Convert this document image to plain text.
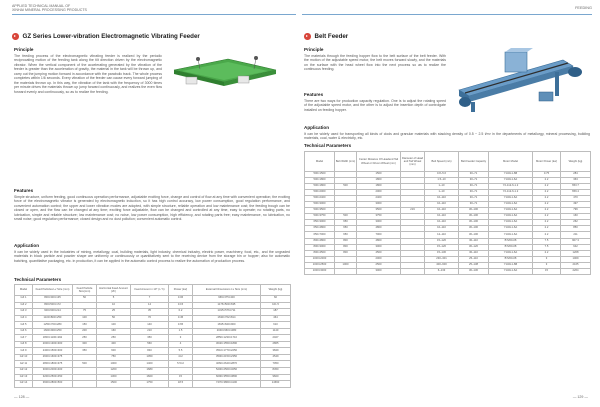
APPLIED TECHNICAL MANUAL OF
XINHAI MINERAL PROCESSING PRODUCTS
GZ Series Lower-vibration Electromagnetic Vibrating Feeder
Principle
The feeding process of the electromagnetic vibrating feeder is realized by the periodic reciprocating motion of the feeding tank along the tilt direction driven by the electromagnetic vibrator. When the vertical component of the accelerating generated by the vibration of the feeder is greater than the acceleration of gravity, the material in the tank will be thrown up, and carry out the jumping motion forward in accordance with the parabolic track. The whole process completes within 1/6 seconds. Every vibration of the feeder can cause every forward jumping of the materials thrown up. In this way, the vibration of the tank with the frequency of 3000 times per minute drives the materials thrown up jump forward continuously, and realizes the even flow forward evenly and continuously, so as to realize the feeding.
Features
Simple structure, uniform feeding, good continuous operation performance, adjustable exciting force, change and control of flow at any time with convenient operation; the exciting force of the electromagnetic vibrator is generated by electromagnetic induction, so it has high control accuracy, low power consumption, good regulation performance, and convenient automation control; the upper and lower vibration modes are adopted, with simple structure, reliable operation and low maintenance cost; the feeding trough can be closed or open, and the flow can be changed at any time; exciting force adjustable, flow can be changed and controlled at any time, easy to operate; no rotating parts, no lubrication, simple and reliable structure; low maintenance cost; no noise, low power consumption, high efficiency, and rotating parts free; easy maintenance, no lubrication, no small noise; good regulation performance; closed design and no dust pollution; convenient automatic control.
Application
It can be widely used in the industries of mining, metallurgy, coal, building materials, light industry, chemical industry, electric power, machinery, food, etc., and the ungraded materials in block particle and powder shape are uniformly or continuously or quantitatively sent to the receiving device from the storage bin or hopper; also for automatic batching, quantitative packaging, etc. in production, it can be applied in the automatic control process to realize the automation of production process.
Technical Parameters
Model	Feed Particles Lv Size (mm)	Feed Particle Size(mm)	Horizontal Feed Amount (t/h)	Feed Amount ≤ 10° (t / h)	Power (kw)	External Dimensions Lv Size (mm)	Weight (kg)
GZ 1	800×300×135	50	5	7	0.06	966×375×400	60
GZ 2	800×500×172		10	14	0.15	1176×500×635	101.5
GZ 3	900×600×214	75	25	35	0.2	1315×576×711	187
GZ 4	1100×800×250	100	50	70	0.45	1630×762×814	464
GZ 5	1250×700×280	150	100	140	0.65	1815×840×900	610
GZ 6	1600×900×250	200	160	210	1.5	2040×960×1080	1140
GZ 7	1800×1100×292	250	250	350	3	2850×1230×1710	2027
GZ 8	2000×1300×300	300	400	560	4	3040×1550×1890	2865
GZ 9	2400×1500×300	350	600	840	5.5	3510×1770×2250	3849
GZ 10	2600×1600×375		750	1050	4×2	3500×2150×2350	4549
GZ 11	2800×1800×375	500	1000	1400	5.5×2	4060×2640×2870	7050
GZ 12	3000×2000×400		1200	1680		5200×2560×3250	8450
GZ 13	3200×2500×450		1300	1820	15	6090×3550×3890	9820
GZ 14	3600×2800×500		1500	1750	18.5	7470×3860×4100	14660
— 128 —
FEEDING
Belt Feeder
Principle
The materials through the feeding hopper flow to the belt surface of the belt feeder. With the motion of the adjustable speed motor, the belt moves forward slowly, and the materials on the surface with the head wheel flow into the next process so as to realize the continuous feeding.
Features
There are two ways for production capacity regulation. One is to adjust the rotating speed of the adjustable speed motor, and the other is to adjust the insertion depth of controlgate installed on feeding hopper.
Application
It can be widely used for transporting all kinds of clods and granular materials with stacking density of 0.5 ~ 2.5 t/m³ in the departments of metallurgy, mineral processing, building materials, coal, water & electricity, etc.
Technical Parameters
Model	Belt Width (mm)	Center Distance Of Headend Tail Wheel or Driven Wheel (mm)	Diameter of Head and Tail Wheel (mm)	Belt Speed (m/s)	Belt Feeder Capacity	Motor Model	Motor Power (kw)	Weight (kg)
500×1500		1500		0.8~5.6	30~71	Y132L1-6B	0.75	284
500×1800		1800		1.5~10	30~71	Y132L1-6A	2.2	363
500×1800	500	1800		1~10	30~71	Y2-112-6-1.2	2.2	653.7
500×2000		2000		1~10	30~71	Y2-112-6-1.2	2.2	659.4
500×2400		2400		10~110	30~71	Y132L1-6A	2.2	470
500×3000		3000		10~110	30~71	Y132L1-6A	2.2	497
500×3500		3500	219	10~110	30~100	Y132L1-6A	2.2	796
500×3750	500	3750		10~110	30~100	Y132L1-6A	2.2	160
650×3000	650	3000		10~110	30~100	Y132L1-6A	2.2	262
650×4800	650	4800		10~110	30~100	Y132L1-6A	2.2	850
650×7000	650	7000		12~110	30~100	Y132L1-6A	2.2	211
800×4800	800	4800		15~120	30~110	B7200-08	7.5	907.3
800×3000	800	3000		15~120	30~120	B7200-08	7.5	642
800×4500	800	4500		15~130	30~110	Y132L1-6A	2.2	1208
1000×2000		2000		230~301	25~110	B7200-08	3	1009
1000×2500	1000	2500		400~600	25~138	Y132L1-6B	3	2165
1000×3000		3000		6~133	30~130	Y132L1-6A	15	2264
— 129 —
